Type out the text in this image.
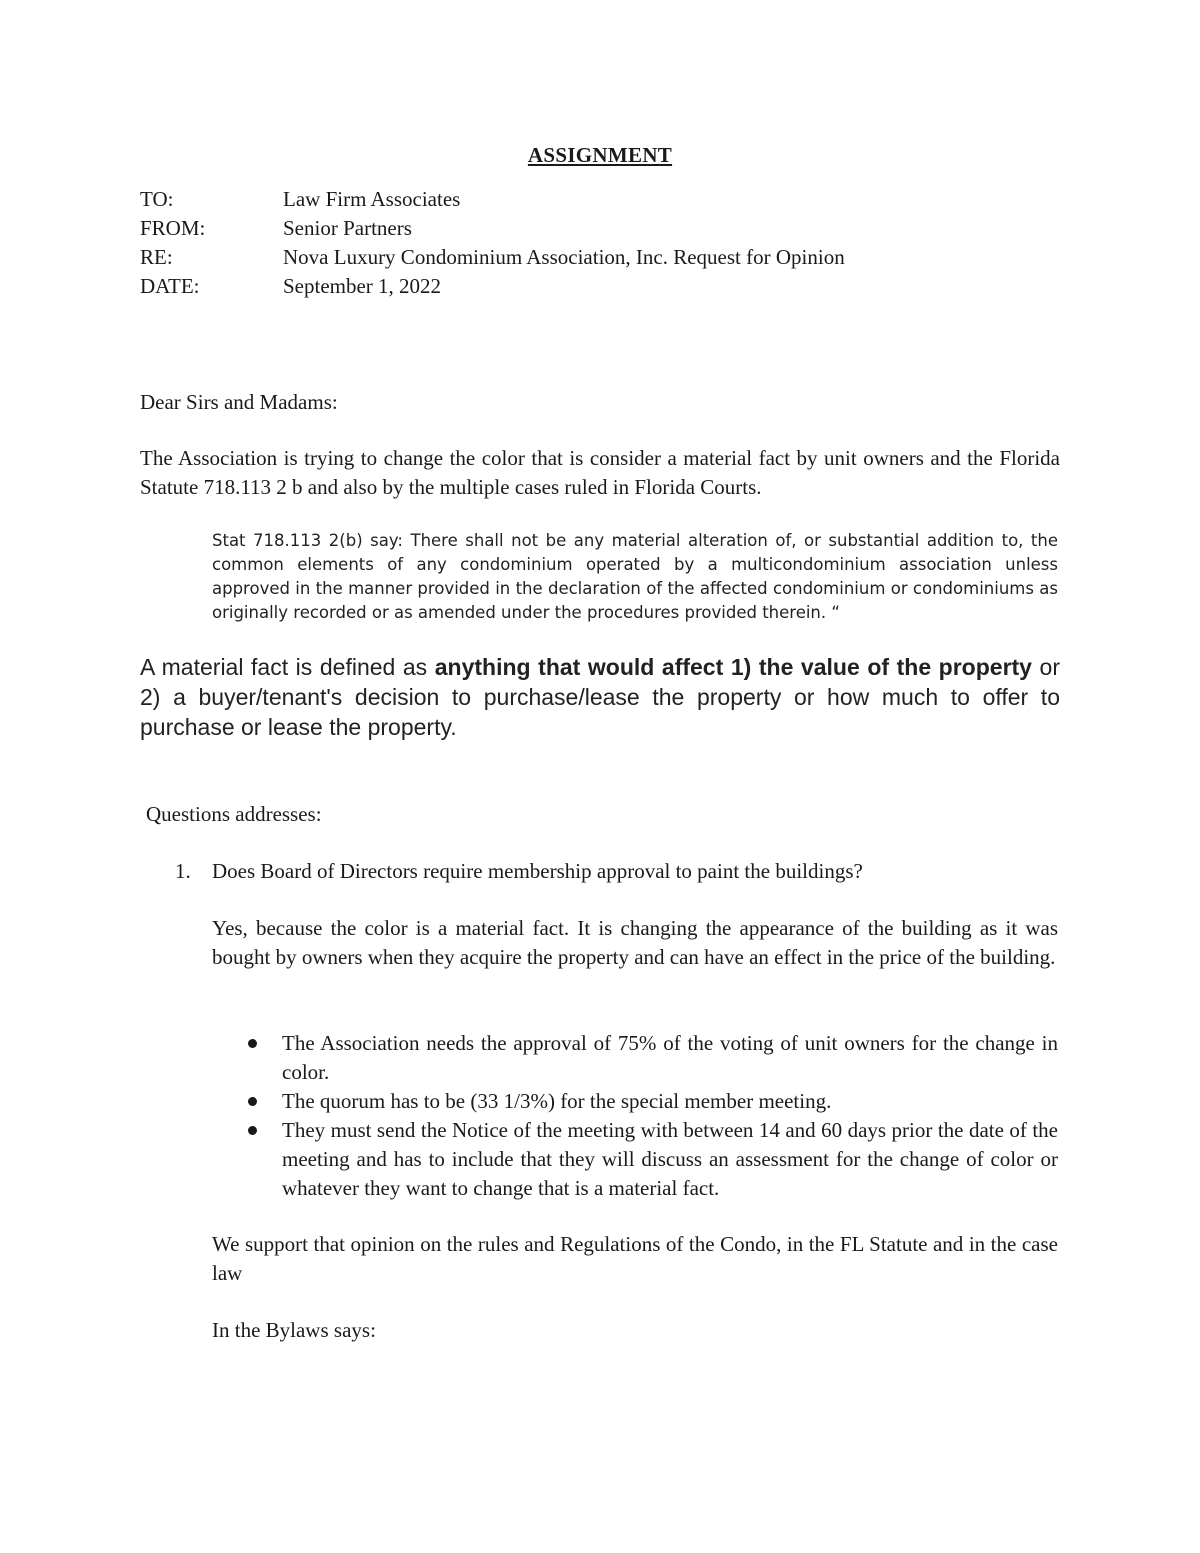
ASSIGNMENT
TO:	Law Firm Associates
FROM:	Senior Partners
RE:	Nova Luxury Condominium Association, Inc. Request for Opinion
DATE:	September 1, 2022
Dear Sirs and Madams:
The Association is trying to change the color that is consider a material fact by unit owners and the Florida Statute 718.113 2 b and also by the multiple cases ruled in Florida Courts.
Stat 718.113 2(b) say: There shall not be any material alteration of, or substantial addition to, the common elements of any condominium operated by a multicondominium association unless approved in the manner provided in the declaration of the affected condominium or condominiums as originally recorded or as amended under the procedures provided therein. “
A material fact is defined as anything that would affect 1) the value of the property or 2) a buyer/tenant's decision to purchase/lease the property or how much to offer to purchase or lease the property.
Questions addresses:
1.	Does Board of Directors require membership approval to paint the buildings?
Yes, because the color is a material fact. It is changing the appearance of the building as it was bought by owners when they acquire the property and can have an effect in the price of the building.
The Association needs the approval of 75% of the voting of unit owners for the change in color.
The quorum has to be (33 1/3%) for the special member meeting.
They must send the Notice of the meeting with between 14 and 60 days prior the date of the meeting and has to include that they will discuss an assessment for the change of color or whatever they want to change that is a material fact.
We support that opinion on the rules and Regulations of the Condo, in the FL Statute and in the case law
In the Bylaws says:
